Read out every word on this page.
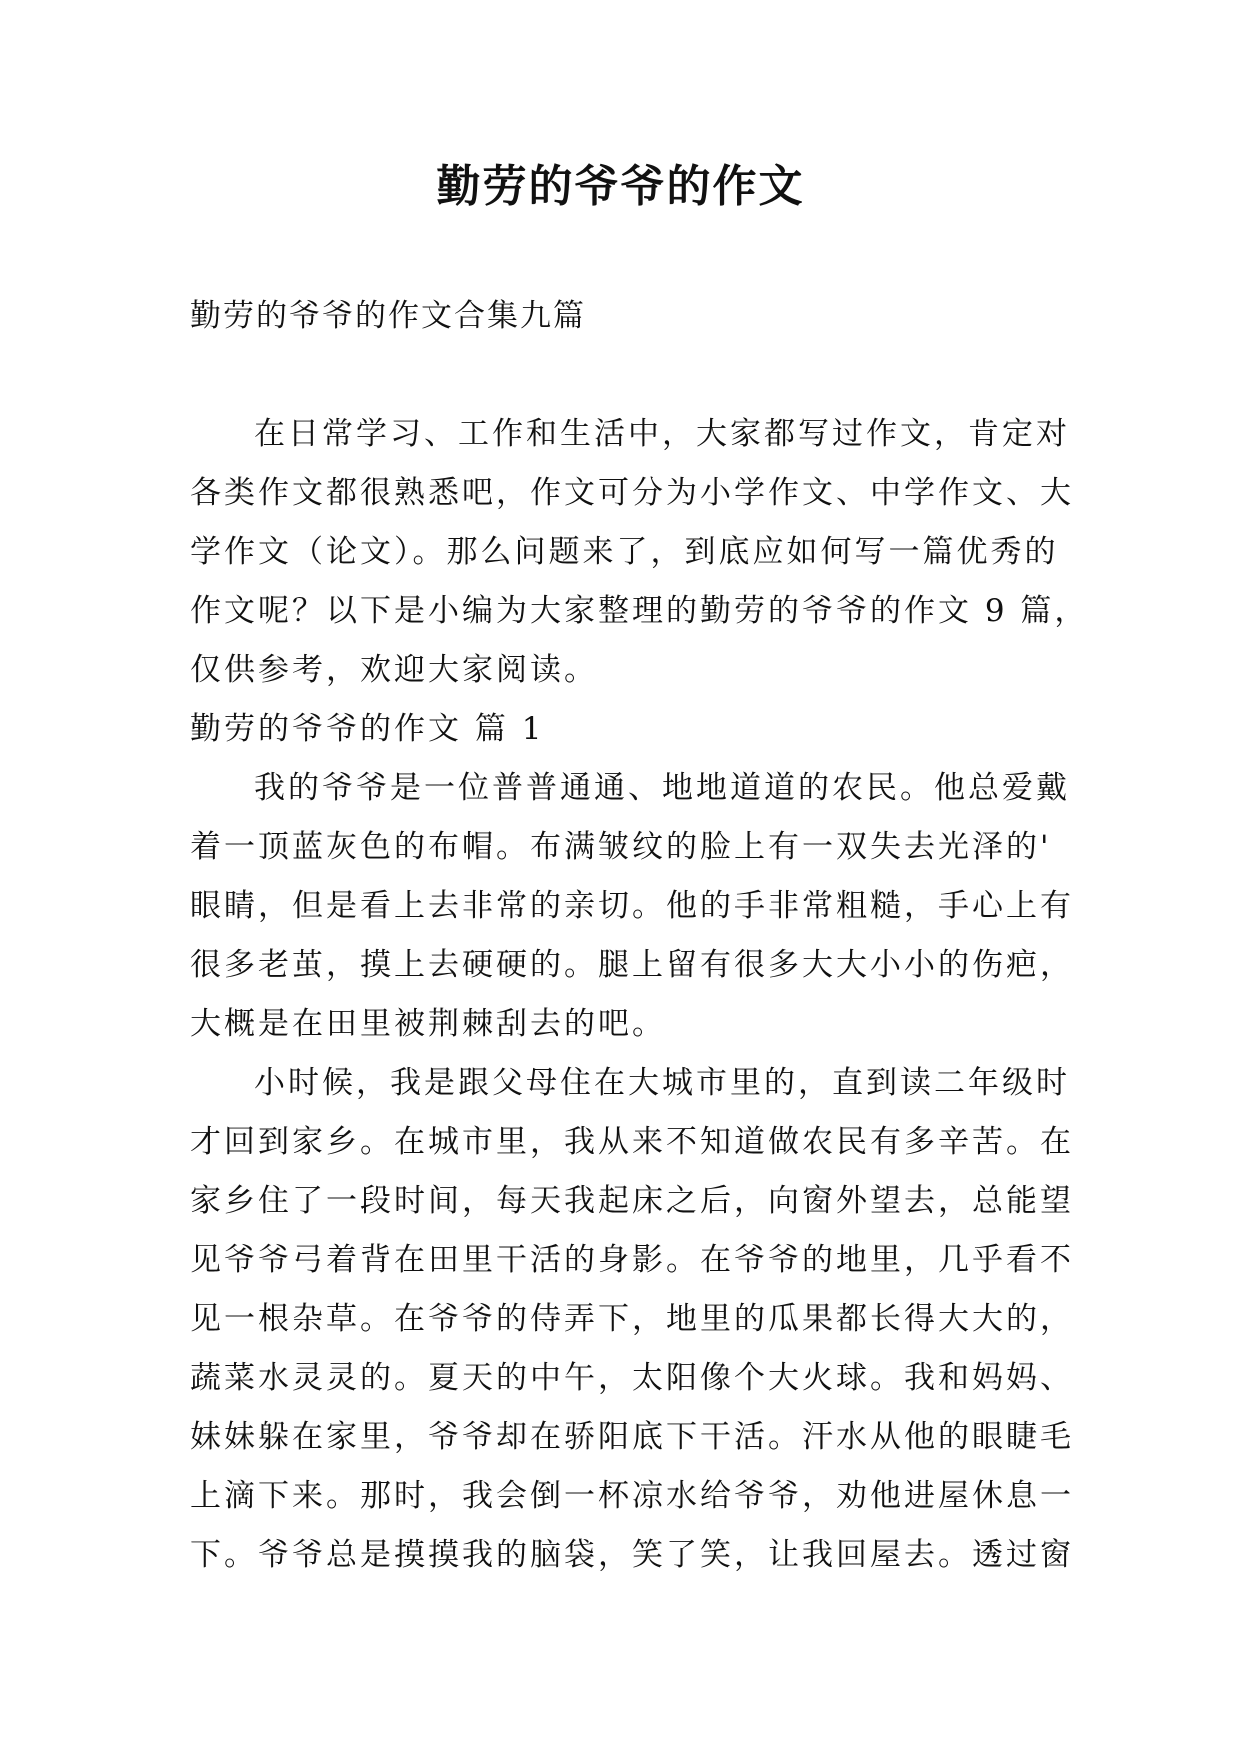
勤劳的爷爷的作文
勤劳的爷爷的作文合集九篇
在日常学习、工作和生活中，大家都写过作文，肯定对
各类作文都很熟悉吧，作文可分为小学作文、中学作文、大
学作文（论文）。那么问题来了，到底应如何写一篇优秀的
作文呢？以下是小编为大家整理的勤劳的爷爷的作文 9 篇，
仅供参考，欢迎大家阅读。
勤劳的爷爷的作文 篇 1
我的爷爷是一位普普通通、地地道道的农民。他总爱戴
着一顶蓝灰色的布帽。布满皱纹的脸上有一双失去光泽的'
眼睛，但是看上去非常的亲切。他的手非常粗糙，手心上有
很多老茧，摸上去硬硬的。腿上留有很多大大小小的伤疤，
大概是在田里被荆棘刮去的吧。
小时候，我是跟父母住在大城市里的，直到读二年级时
才回到家乡。在城市里，我从来不知道做农民有多辛苦。在
家乡住了一段时间，每天我起床之后，向窗外望去，总能望
见爷爷弓着背在田里干活的身影。在爷爷的地里，几乎看不
见一根杂草。在爷爷的侍弄下，地里的瓜果都长得大大的，
蔬菜水灵灵的。夏天的中午，太阳像个大火球。我和妈妈、
妹妹躲在家里，爷爷却在骄阳底下干活。汗水从他的眼睫毛
上滴下来。那时，我会倒一杯凉水给爷爷，劝他进屋休息一
下。爷爷总是摸摸我的脑袋，笑了笑，让我回屋去。透过窗
